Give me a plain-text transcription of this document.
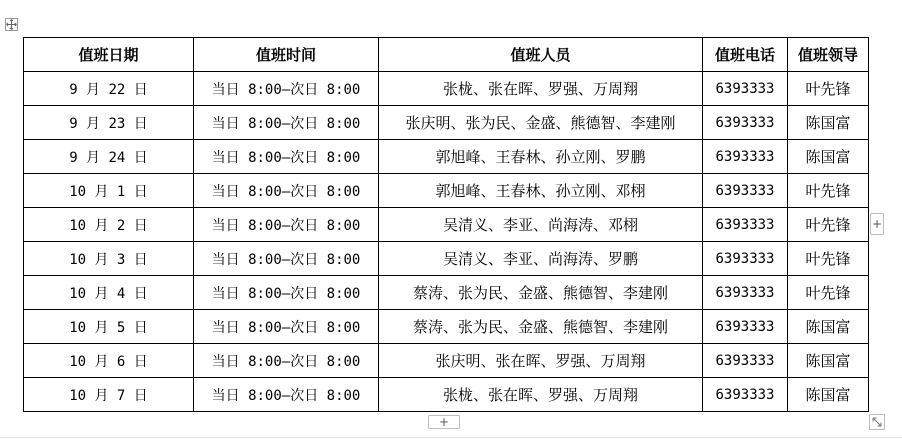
值班日期	值班时间	值班人员	值班电话	值班领导
9 月 22 日	当日 8:00—次日 8:00	张栊、张在晖、罗强、万周翔	6393333	叶先锋
9 月 23 日	当日 8:00—次日 8:00	张庆明、张为民、金盛、熊德智、李建刚	6393333	陈国富
9 月 24 日	当日 8:00—次日 8:00	郭旭峰、王春林、孙立刚、罗鹏	6393333	陈国富
10 月 1 日	当日 8:00—次日 8:00	郭旭峰、王春林、孙立刚、邓栩	6393333	叶先锋
10 月 2 日	当日 8:00—次日 8:00	吴清义、李亚、尚海涛、邓栩	6393333	叶先锋
10 月 3 日	当日 8:00—次日 8:00	吴清义、李亚、尚海涛、罗鹏	6393333	叶先锋
10 月 4 日	当日 8:00—次日 8:00	蔡涛、张为民、金盛、熊德智、李建刚	6393333	叶先锋
10 月 5 日	当日 8:00—次日 8:00	蔡涛、张为民、金盛、熊德智、李建刚	6393333	陈国富
10 月 6 日	当日 8:00—次日 8:00	张庆明、张在晖、罗强、万周翔	6393333	陈国富
10 月 7 日	当日 8:00—次日 8:00	张栊、张在晖、罗强、万周翔	6393333	陈国富
+
+
